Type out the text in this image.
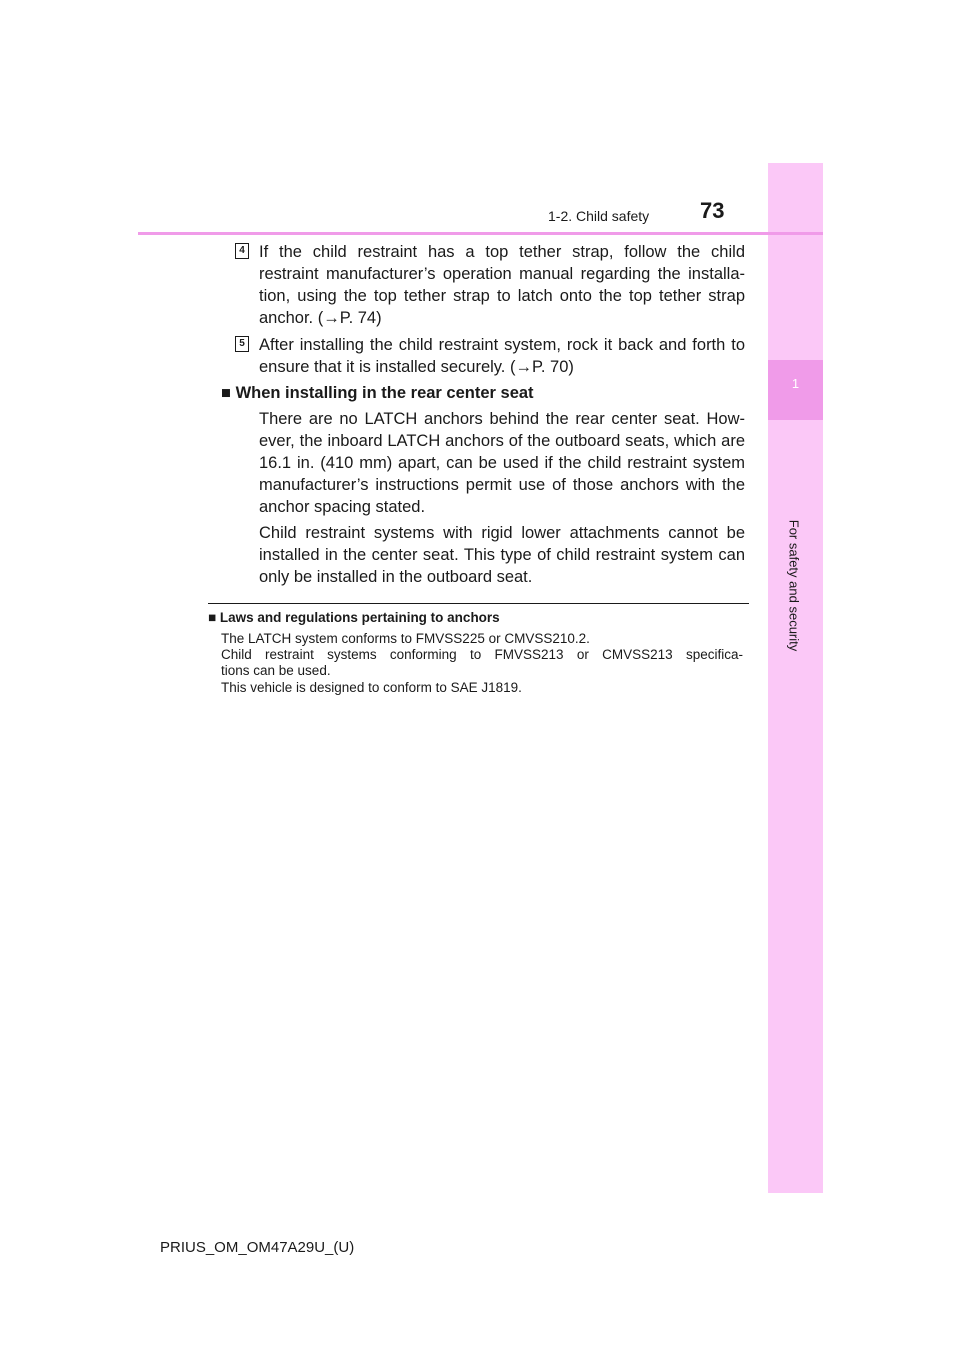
1
For safety and security
1-2. Child safety 73
4 If the child restraint has a top tether strap, follow the child
restraint manufacturer’s operation manual regarding the installa-
tion, using the top tether strap to latch onto the top tether strap
anchor. (→P. 74)
5 After installing the child restraint system, rock it back and forth to
ensure that it is installed securely. (→P. 70)
■ When installing in the rear center seat
There are no LATCH anchors behind the rear center seat. How-
ever, the inboard LATCH anchors of the outboard seats, which are
16.1 in. (410 mm) apart, can be used if the child restraint system
manufacturer’s instructions permit use of those anchors with the
anchor spacing stated.
Child restraint systems with rigid lower attachments cannot be
installed in the center seat. This type of child restraint system can
only be installed in the outboard seat.
■ Laws and regulations pertaining to anchors
The LATCH system conforms to FMVSS225 or CMVSS210.2.
Child restraint systems conforming to FMVSS213 or CMVSS213 specifica-
tions can be used.
This vehicle is designed to conform to SAE J1819.
PRIUS_OM_OM47A29U_(U)
